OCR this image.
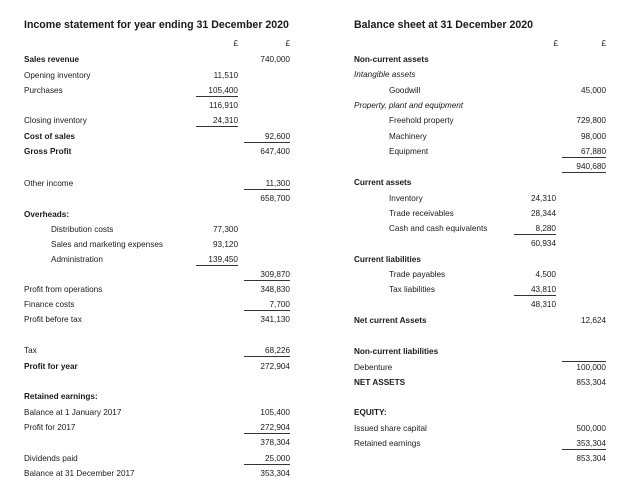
Income statement for year ending 31 December 2020
£	£
Sales revenue	740,000
Opening inventory	11,510
Purchases	105,400
116,910
Closing inventory	24,310
Cost of sales	92,600
Gross Profit	647,400
Other income	11,300
658,700
Overheads:
Distribution costs	77,300
Sales and marketing expenses	93,120
Administration	139,450
309,870
Profit from operations	348,830
Finance costs	7,700
Profit before tax	341,130
Tax	68,226
Profit for year	272,904
Retained earnings:
Balance at 1 January 2017	105,400
Profit for 2017	272,904
378,304
Dividends paid	25,000
Balance at 31 December 2017	353,304
Balance sheet at 31 December 2020
£	£
Non-current assets
Intangible assets
Goodwill	45,000
Property, plant and equipment
Freehold property	729,800
Machinery	98,000
Equipment	67,880
940,680
Current assets
Inventory	24,310
Trade receivables	28,344
Cash and cash equivalents	8,280
60,934
Current liabilities
Trade payables	4,500
Tax liabilities	43,810
48,310
Net current Assets	12,624
Non-current liabilities
Debenture	100,000
NET ASSETS	853,304
EQUITY:
Issued share capital	500,000
Retained earnings	353,304
853,304
